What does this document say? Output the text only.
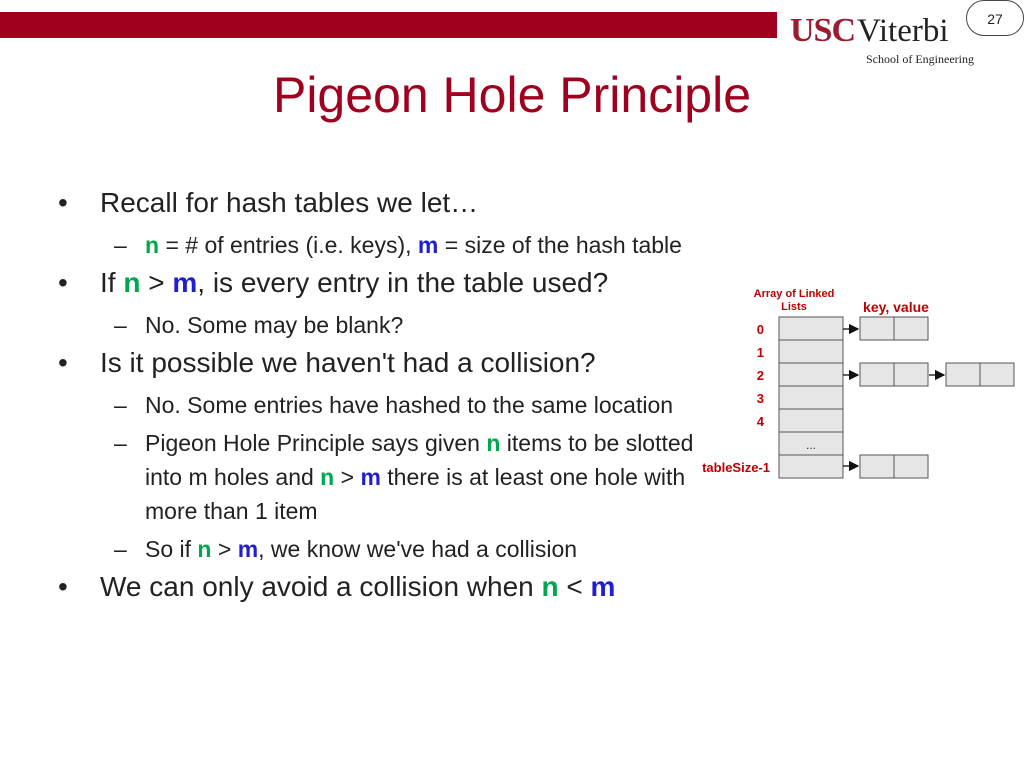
USCViterbi
School of Engineering
27
Pigeon Hole Principle
• Recall for hash tables we let…
– n = # of entries (i.e. keys), m = size of the hash table
• If n > m, is every entry in the table used?
– No. Some may be blank?
• Is it possible we haven't had a collision?
– No. Some entries have hashed to the same location
– Pigeon Hole Principle says given n items to be slotted into m holes and n > m there is at least one hole with more than 1 item
– So if n > m, we know we've had a collision
• We can only avoid a collision when n < m
Array of Linked
Lists	key, value
0
1
2
3
4
tableSize-1
...
